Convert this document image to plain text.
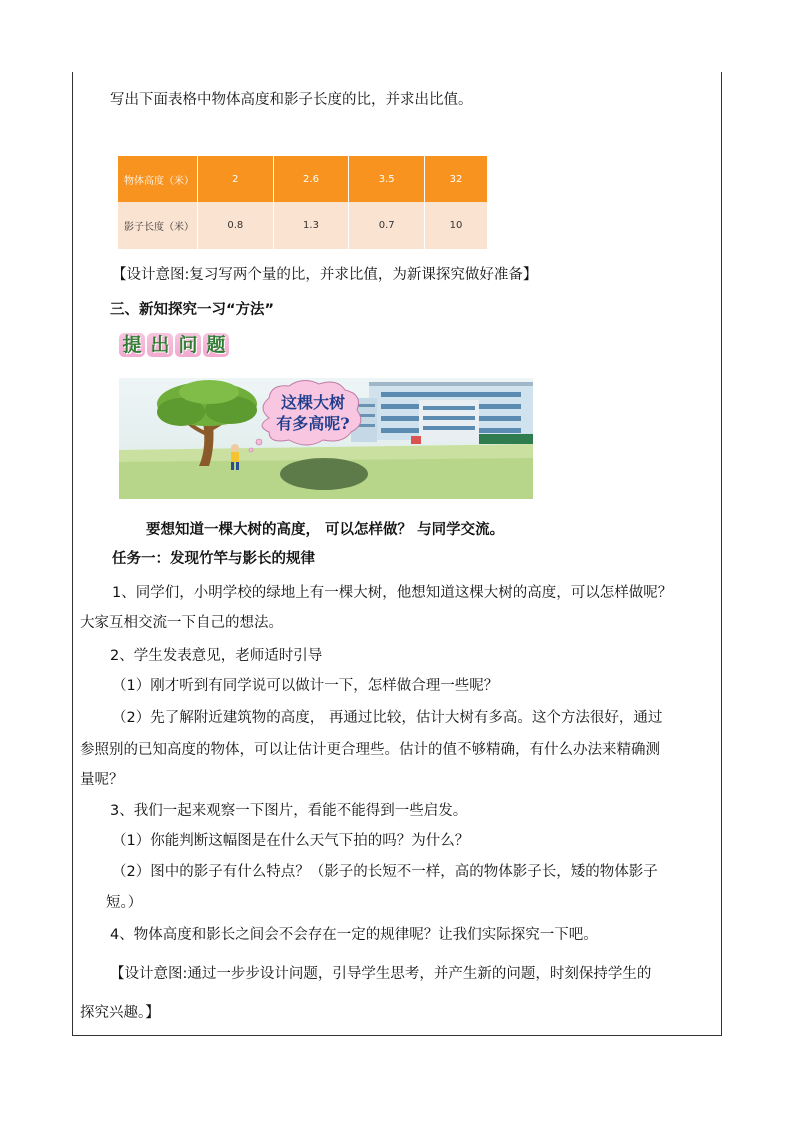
写出下面表格中物体高度和影子长度的比，并求出比值。
物体高度（米）	2	2.6	3.5	32
影子长度（米）	0.8	1.3	0.7	10
【设计意图:复习写两个量的比，并求比值，为新课探究做好准备】
三、新知探究一习“方法”
提 出 问 题
这棵大树
有多高呢?
要想知道一棵大树的高度， 可以怎样做？ 与同学交流。
任务一：发现竹竿与影长的规律
1、同学们，小明学校的绿地上有一棵大树，他想知道这棵大树的高度，可以怎样做呢？
大家互相交流一下自己的想法。
2、学生发表意见，老师适时引导
（1）刚才听到有同学说可以做计一下，怎样做合理一些呢？
（2）先了解附近建筑物的高度， 再通过比较，估计大树有多高。这个方法很好，通过
参照别的已知高度的物体，可以让估计更合理些。估计的值不够精确，有什么办法来精确测
量呢？
3、我们一起来观察一下图片，看能不能得到一些启发。
（1）你能判断这幅图是在什么天气下拍的吗？为什么？
（2）图中的影子有什么特点？（影子的长短不一样，高的物体影子长，矮的物体影子
短。）
4、物体高度和影长之间会不会存在一定的规律呢？让我们实际探究一下吧。
【设计意图:通过一步步设计问题，引导学生思考，并产生新的问题，时刻保持学生的
探究兴趣。】
